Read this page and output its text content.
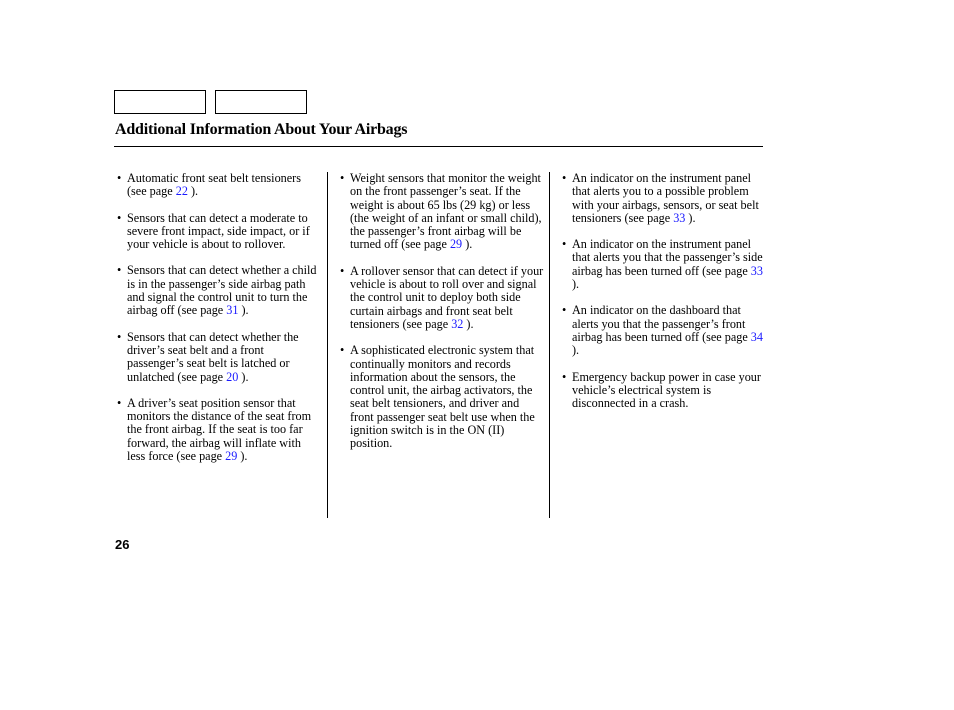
Additional Information About Your Airbags
• Automatic front seat belt tensioners (see page 22 ).
• Sensors that can detect a moderate to severe front impact, side impact, or if your vehicle is about to rollover.
• Sensors that can detect whether a child is in the passenger’s side airbag path and signal the control unit to turn the airbag off (see page 31 ).
• Sensors that can detect whether the driver’s seat belt and a front passenger’s seat belt is latched or unlatched (see page 20 ).
• A driver’s seat position sensor that monitors the distance of the seat from the front airbag. If the seat is too far forward, the airbag will inflate with less force (see page 29 ).
• Weight sensors that monitor the weight on the front passenger’s seat. If the weight is about 65 lbs (29 kg) or less (the weight of an infant or small child), the passenger’s front airbag will be turned off (see page 29 ).
• A rollover sensor that can detect if your vehicle is about to roll over and signal the control unit to deploy both side curtain airbags and front seat belt tensioners (see page 32 ).
• A sophisticated electronic system that continually monitors and records information about the sensors, the control unit, the airbag activators, the seat belt tensioners, and driver and front passenger seat belt use when the ignition switch is in the ON (II) position.
• An indicator on the instrument panel that alerts you to a possible problem with your airbags, sensors, or seat belt tensioners (see page 33 ).
• An indicator on the instrument panel that alerts you that the passenger’s side airbag has been turned off (see page 33 ).
• An indicator on the dashboard that alerts you that the passenger’s front airbag has been turned off (see page 34 ).
• Emergency backup power in case your vehicle’s electrical system is disconnected in a crash.
26
